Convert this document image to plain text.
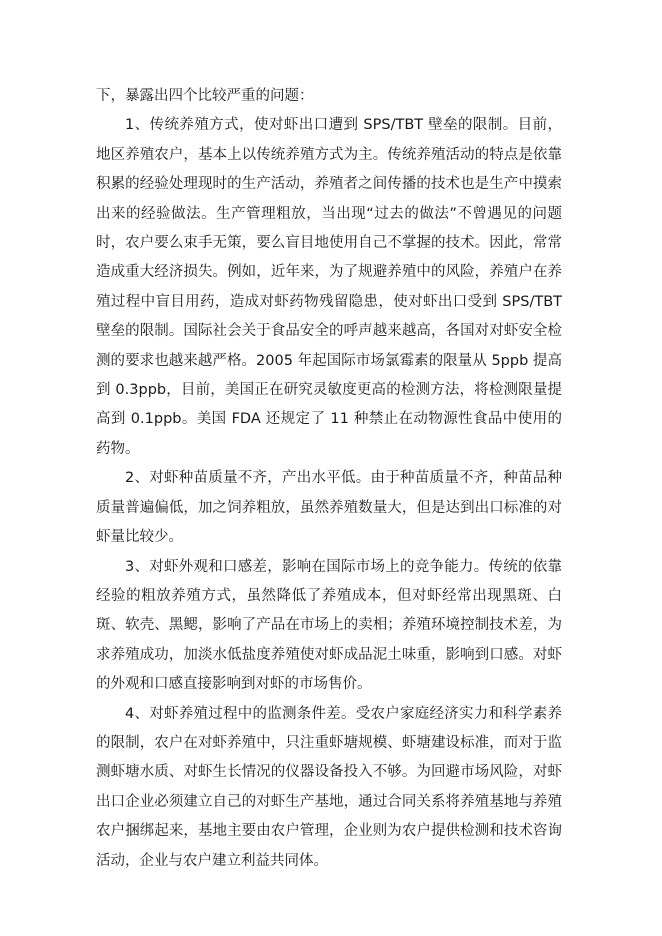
下，暴露出四个比较严重的问题：

1、传统养殖方式，使对虾出口遭到 SPS/TBT 壁垒的限制。目前，地区养殖农户，基本上以传统养殖方式为主。传统养殖活动的特点是依靠积累的经验处理现时的生产活动，养殖者之间传播的技术也是生产中摸索出来的经验做法。生产管理粗放，当出现“过去的做法”不曾遇见的问题时，农户要么束手无策，要么盲目地使用自己不掌握的技术。因此，常常造成重大经济损失。例如，近年来，为了规避养殖中的风险，养殖户在养殖过程中盲目用药，造成对虾药物残留隐患，使对虾出口受到 SPS/TBT 壁垒的限制。国际社会关于食品安全的呼声越来越高，各国对对虾安全检测的要求也越来越严格。2005 年起国际市场氯霉素的限量从 5ppb 提高到 0.3ppb，目前，美国正在研究灵敏度更高的检测方法，将检测限量提高到 0.1ppb。美国 FDA 还规定了 11 种禁止在动物源性食品中使用的药物。

2、对虾种苗质量不齐，产出水平低。由于种苗质量不齐，种苗品种质量普遍偏低，加之饲养粗放，虽然养殖数量大，但是达到出口标准的对虾量比较少。

3、对虾外观和口感差，影响在国际市场上的竞争能力。传统的依靠经验的粗放养殖方式，虽然降低了养殖成本，但对虾经常出现黑斑、白斑、软壳、黑鳃，影响了产品在市场上的卖相；养殖环境控制技术差，为求养殖成功，加淡水低盐度养殖使对虾成品泥土味重，影响到口感。对虾的外观和口感直接影响到对虾的市场售价。

4、对虾养殖过程中的监测条件差。受农户家庭经济实力和科学素养的限制，农户在对虾养殖中，只注重虾塘规模、虾塘建设标准，而对于监测虾塘水质、对虾生长情况的仪器设备投入不够。为回避市场风险，对虾出口企业必须建立自己的对虾生产基地，通过合同关系将养殖基地与养殖农户捆绑起来，基地主要由农户管理，企业则为农户提供检测和技术咨询活动，企业与农户建立利益共同体。
